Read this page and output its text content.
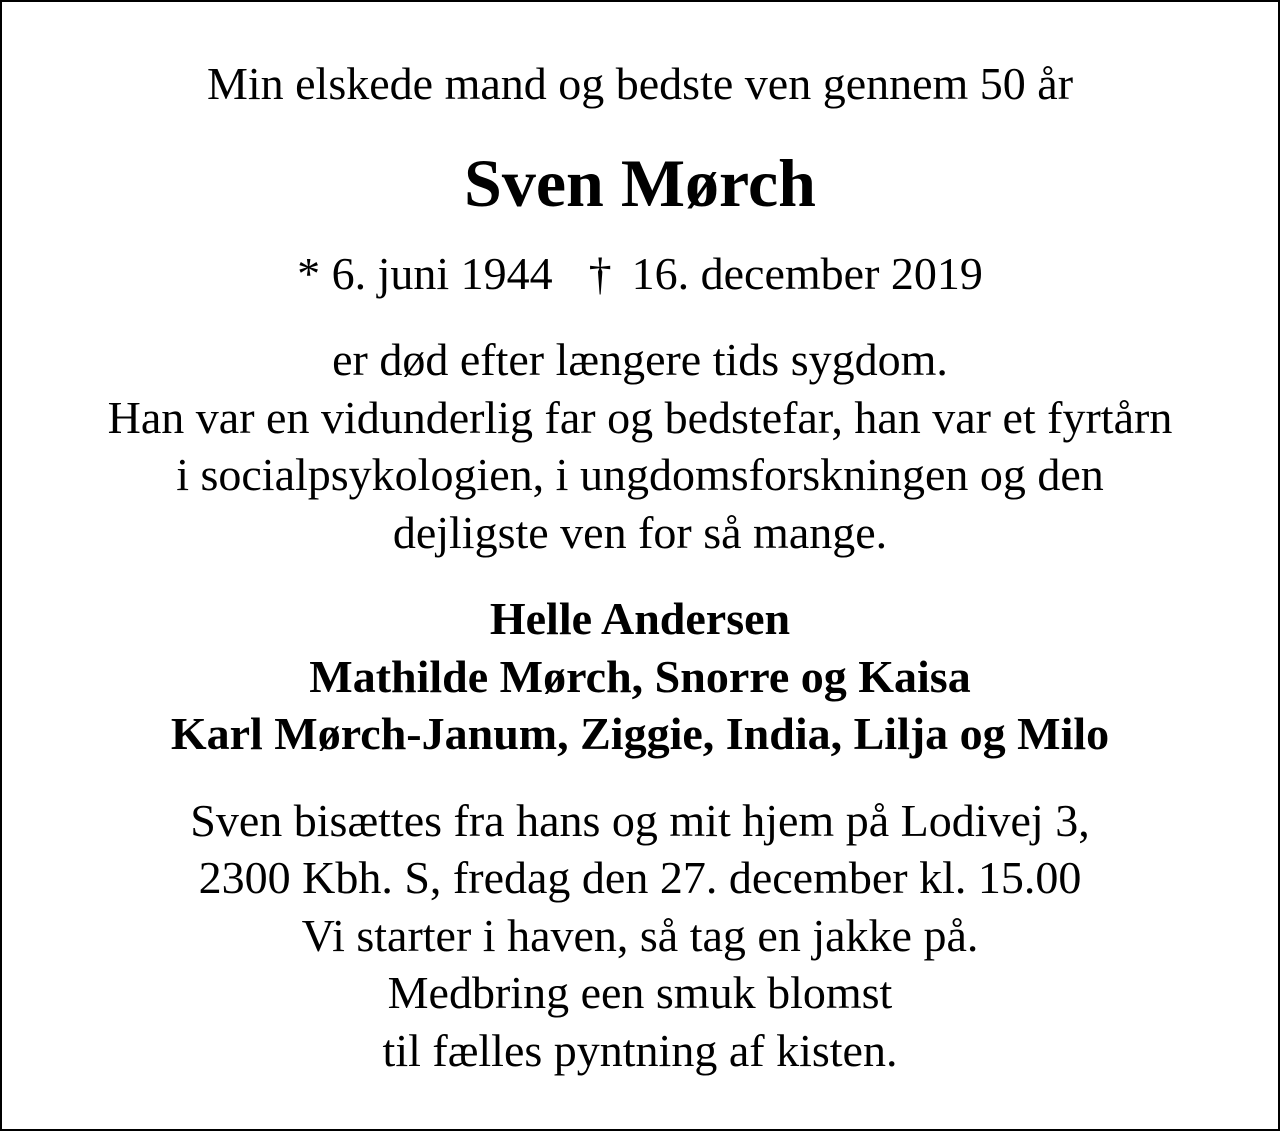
Min elskede mand og bedste ven gennem 50 år
Sven Mørch
* 6. juni 1944 † 16. december 2019
er død efter længere tids sygdom.
Han var en vidunderlig far og bedstefar, han var et fyrtårn
i socialpsykologien, i ungdomsforskningen og den
dejligste ven for så mange.
Helle Andersen
Mathilde Mørch, Snorre og Kaisa
Karl Mørch-Janum, Ziggie, India, Lilja og Milo
Sven bisættes fra hans og mit hjem på Lodivej 3,
2300 Kbh. S, fredag den 27. december kl. 15.00
Vi starter i haven, så tag en jakke på.
Medbring een smuk blomst
til fælles pyntning af kisten.
